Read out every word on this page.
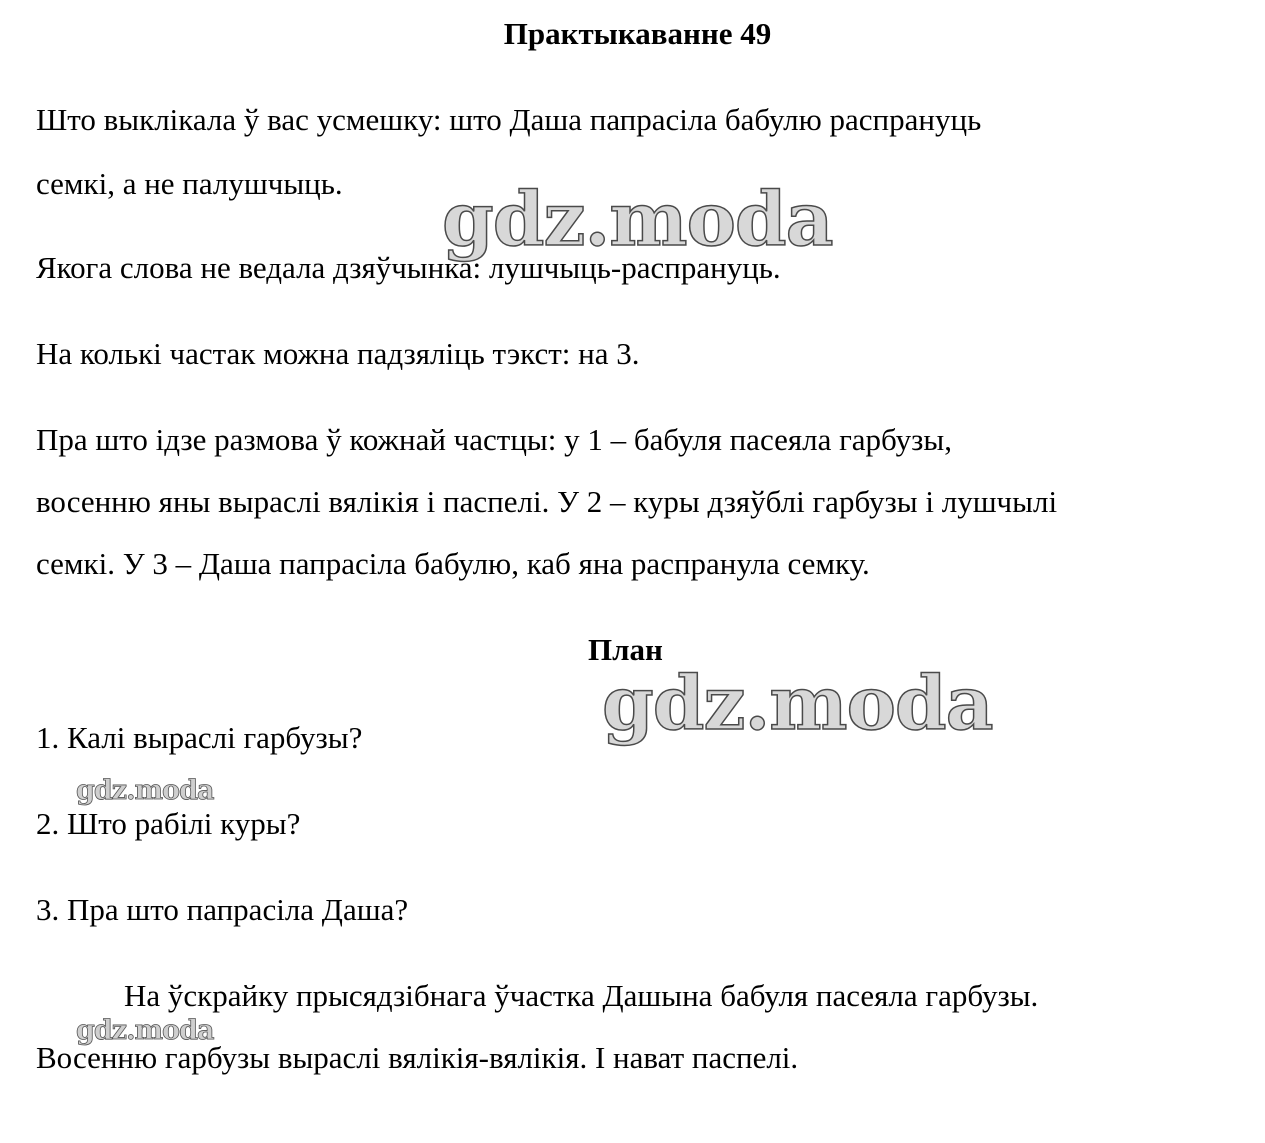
Практыкаванне 49

Што выклікала ў вас усмешку: што Даша папрасіла бабулю распрануць

семкі, а не палушчыць.

Якога слова не ведала дзяўчынка: лушчыць-распрануць.

На колькі частак можна падзяліць тэкст: на 3.

Пра што ідзе размова ў кожнай частцы: у 1 – бабуля пасеяла гарбузы,

восенню яны выраслі вялікія і паспелі. У 2 – куры дзяўблі гарбузы і лушчылі

семкі. У 3 – Даша папрасіла бабулю, каб яна распранула семку.

План

1. Калі выраслі гарбузы?

2. Што рабілі куры?

3. Пра што папрасіла Даша?

На ўскрайку прысядзібнага ўчастка Дашына бабуля пасеяла гарбузы.

Восенню гарбузы выраслі вялікія-вялікія. І нават паспелі.

gdz.moda
gdz.moda
gdz.moda
gdz.moda
